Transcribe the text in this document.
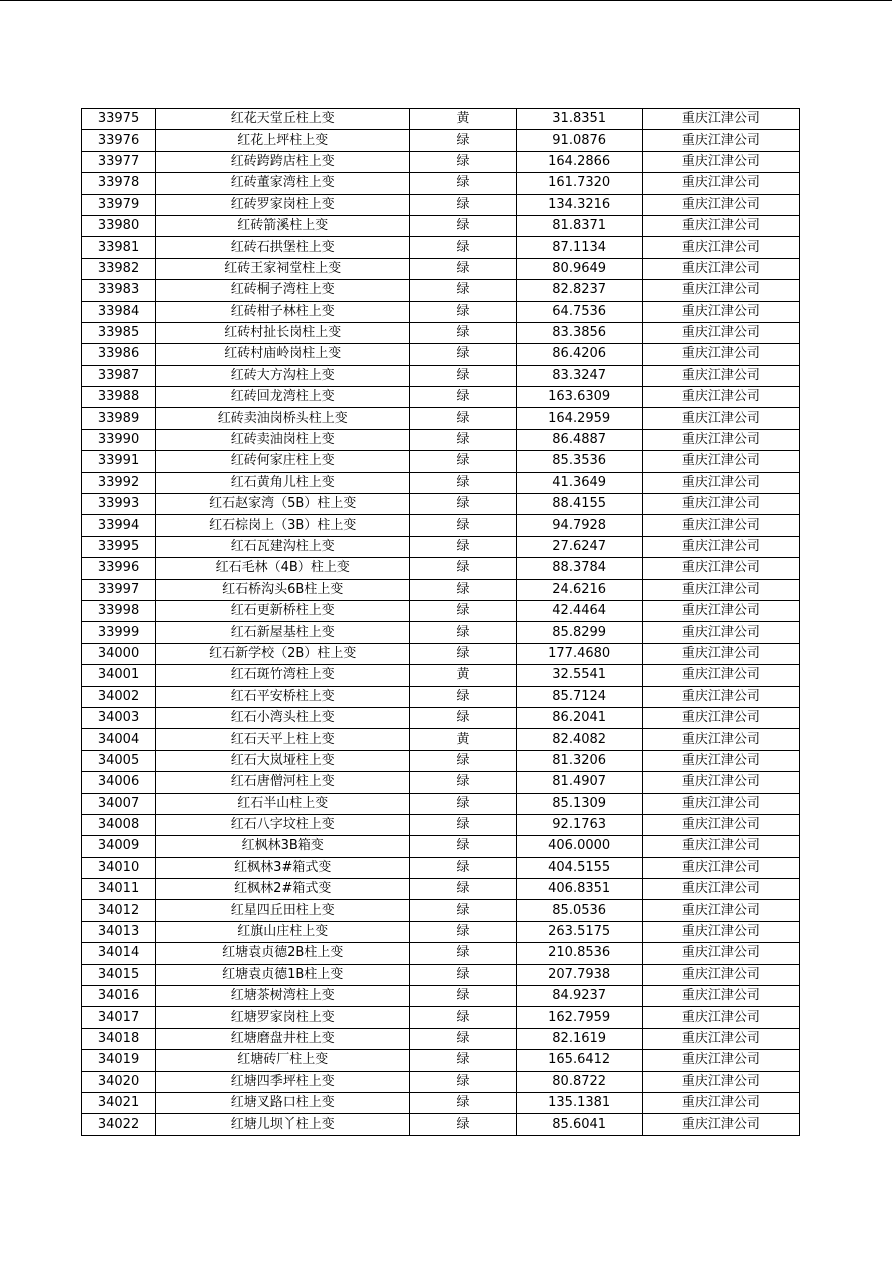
33975	红花天堂丘柱上变	黄	31.8351	重庆江津公司
33976	红花上坪柱上变	绿	91.0876	重庆江津公司
33977	红砖跨跨店柱上变	绿	164.2866	重庆江津公司
33978	红砖董家湾柱上变	绿	161.7320	重庆江津公司
33979	红砖罗家岗柱上变	绿	134.3216	重庆江津公司
33980	红砖箭溪柱上变	绿	81.8371	重庆江津公司
33981	红砖石拱堡柱上变	绿	87.1134	重庆江津公司
33982	红砖王家祠堂柱上变	绿	80.9649	重庆江津公司
33983	红砖桐子湾柱上变	绿	82.8237	重庆江津公司
33984	红砖柑子林柱上变	绿	64.7536	重庆江津公司
33985	红砖村扯长岗柱上变	绿	83.3856	重庆江津公司
33986	红砖村庙岭岗柱上变	绿	86.4206	重庆江津公司
33987	红砖大方沟柱上变	绿	83.3247	重庆江津公司
33988	红砖回龙湾柱上变	绿	163.6309	重庆江津公司
33989	红砖卖油岗桥头柱上变	绿	164.2959	重庆江津公司
33990	红砖卖油岗柱上变	绿	86.4887	重庆江津公司
33991	红砖何家庄柱上变	绿	85.3536	重庆江津公司
33992	红石黄角儿柱上变	绿	41.3649	重庆江津公司
33993	红石赵家湾（5B）柱上变	绿	88.4155	重庆江津公司
33994	红石棕岗上（3B）柱上变	绿	94.7928	重庆江津公司
33995	红石瓦建沟柱上变	绿	27.6247	重庆江津公司
33996	红石毛林（4B）柱上变	绿	88.3784	重庆江津公司
33997	红石桥沟头6B柱上变	绿	24.6216	重庆江津公司
33998	红石更新桥柱上变	绿	42.4464	重庆江津公司
33999	红石新屋基柱上变	绿	85.8299	重庆江津公司
34000	红石新学校（2B）柱上变	绿	177.4680	重庆江津公司
34001	红石斑竹湾柱上变	黄	32.5541	重庆江津公司
34002	红石平安桥柱上变	绿	85.7124	重庆江津公司
34003	红石小湾头柱上变	绿	86.2041	重庆江津公司
34004	红石天平上柱上变	黄	82.4082	重庆江津公司
34005	红石大岚垭柱上变	绿	81.3206	重庆江津公司
34006	红石唐僧河柱上变	绿	81.4907	重庆江津公司
34007	红石半山柱上变	绿	85.1309	重庆江津公司
34008	红石八字坟柱上变	绿	92.1763	重庆江津公司
34009	红枫林3B箱变	绿	406.0000	重庆江津公司
34010	红枫林3#箱式变	绿	404.5155	重庆江津公司
34011	红枫林2#箱式变	绿	406.8351	重庆江津公司
34012	红星四丘田柱上变	绿	85.0536	重庆江津公司
34013	红旗山庄柱上变	绿	263.5175	重庆江津公司
34014	红塘袁贞德2B柱上变	绿	210.8536	重庆江津公司
34015	红塘袁贞德1B柱上变	绿	207.7938	重庆江津公司
34016	红塘茶树湾柱上变	绿	84.9237	重庆江津公司
34017	红塘罗家岗柱上变	绿	162.7959	重庆江津公司
34018	红塘磨盘井柱上变	绿	82.1619	重庆江津公司
34019	红塘砖厂柱上变	绿	165.6412	重庆江津公司
34020	红塘四季坪柱上变	绿	80.8722	重庆江津公司
34021	红塘叉路口柱上变	绿	135.1381	重庆江津公司
34022	红塘儿坝丫柱上变	绿	85.6041	重庆江津公司
